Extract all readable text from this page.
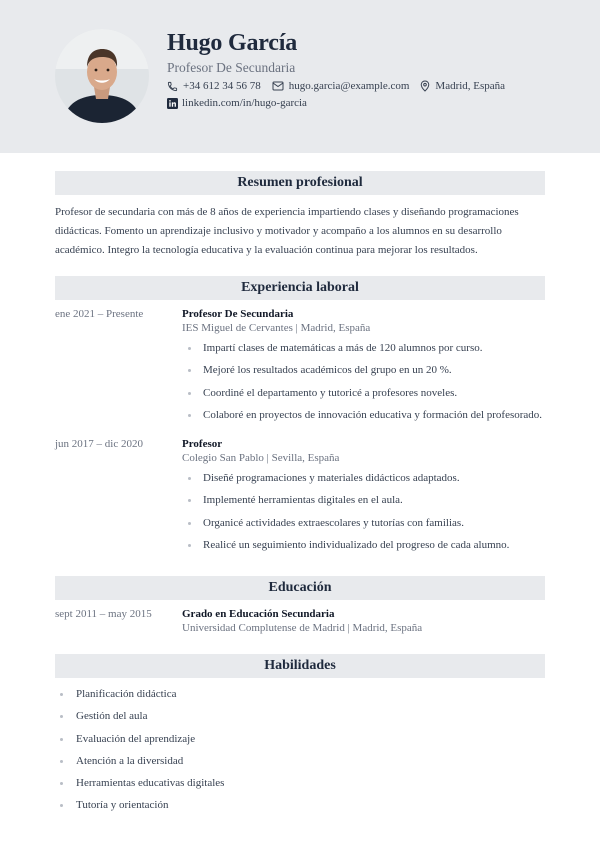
Hugo García
Profesor De Secundaria
+34 612 34 56 78	hugo.garcia@example.com Madrid, España
linkedin.com/in/hugo-garcia
Resumen profesional
Profesor de secundaria con más de 8 años de experiencia impartiendo clases y diseñando programaciones didácticas. Fomento un aprendizaje inclusivo y motivador y acompaño a los alumnos en su desarrollo académico. Integro la tecnología educativa y la evaluación continua para mejorar los resultados.
Experiencia laboral
ene 2021 – Presente	Profesor De Secundaria
IES Miguel de Cervantes | Madrid, España
Impartí clases de matemáticas a más de 120 alumnos por curso.
Mejoré los resultados académicos del grupo en un 20 %.
Coordiné el departamento y tutoricé a profesores noveles.
Colaboré en proyectos de innovación educativa y formación del profesorado.
jun 2017 – dic 2020	Profesor
Colegio San Pablo | Sevilla, España
Diseñé programaciones y materiales didácticos adaptados.
Implementé herramientas digitales en el aula.
Organicé actividades extraescolares y tutorías con familias.
Realicé un seguimiento individualizado del progreso de cada alumno.
Educación
sept 2011 – may 2015	Grado en Educación Secundaria
Universidad Complutense de Madrid | Madrid, España
Habilidades
Planificación didáctica
Gestión del aula
Evaluación del aprendizaje
Atención a la diversidad
Herramientas educativas digitales
Tutoría y orientación
